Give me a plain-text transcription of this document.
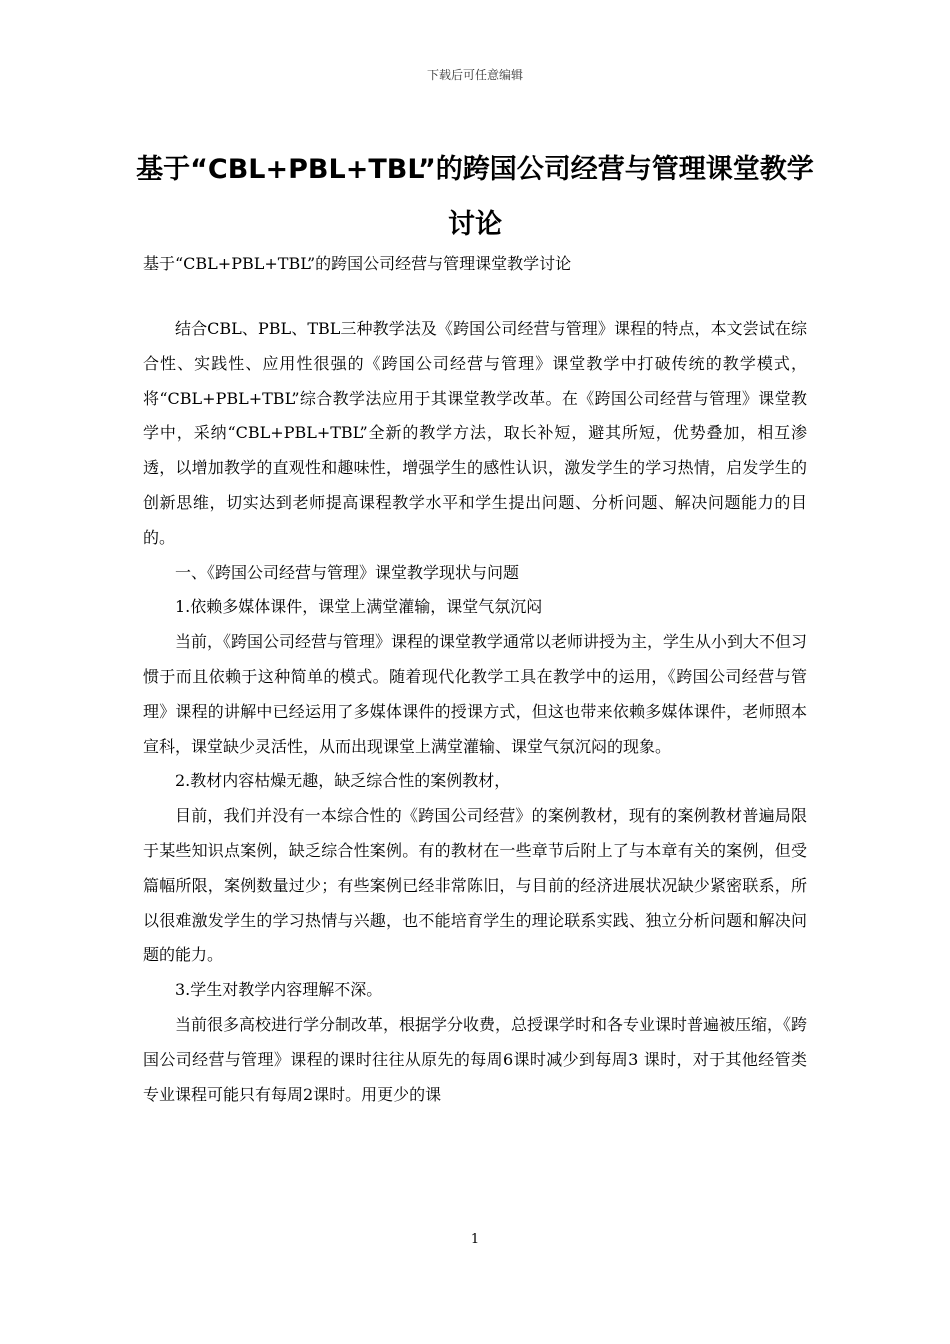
下载后可任意编辑
基于“CBL+PBL+TBL”的跨国公司经营与管理课堂教学讨论

基于“CBL+PBL+TBL”的跨国公司经营与管理课堂教学讨论

结合CBL、PBL、TBL三种教学法及《跨国公司经营与管理》课程的特点，本文尝试在综合性、实践性、应用性很强的《跨国公司经营与管理》课堂教学中打破传统的教学模式，将“CBL+PBL+TBL”综合教学法应用于其课堂教学改革。在《跨国公司经营与管理》课堂教学中，采纳“CBL+PBL+TBL”全新的教学方法，取长补短，避其所短，优势叠加，相互渗透，以增加教学的直观性和趣味性，增强学生的感性认识，激发学生的学习热情，启发学生的创新思维，切实达到老师提高课程教学水平和学生提出问题、分析问题、解决问题能力的目的。

一、《跨国公司经营与管理》课堂教学现状与问题

1.依赖多媒体课件，课堂上满堂灌输，课堂气氛沉闷

当前，《跨国公司经营与管理》课程的课堂教学通常以老师讲授为主，学生从小到大不但习惯于而且依赖于这种简单的模式。随着现代化教学工具在教学中的运用，《跨国公司经营与管理》课程的讲解中已经运用了多媒体课件的授课方式，但这也带来依赖多媒体课件，老师照本宣科，课堂缺少灵活性，从而出现课堂上满堂灌输、课堂气氛沉闷的现象。

2.教材内容枯燥无趣，缺乏综合性的案例教材，

目前，我们并没有一本综合性的《跨国公司经营》的案例教材，现有的案例教材普遍局限于某些知识点案例，缺乏综合性案例。有的教材在一些章节后附上了与本章有关的案例，但受篇幅所限，案例数量过少；有些案例已经非常陈旧，与目前的经济进展状况缺少紧密联系，所以很难激发学生的学习热情与兴趣，也不能培育学生的理论联系实践、独立分析问题和解决问题的能力。

3.学生对教学内容理解不深。

当前很多高校进行学分制改革，根据学分收费，总授课学时和各专业课时普遍被压缩，《跨国公司经营与管理》课程的课时往往从原先的每周6课时减少到每周3 课时，对于其他经管类专业课程可能只有每周2课时。用更少的课

1
